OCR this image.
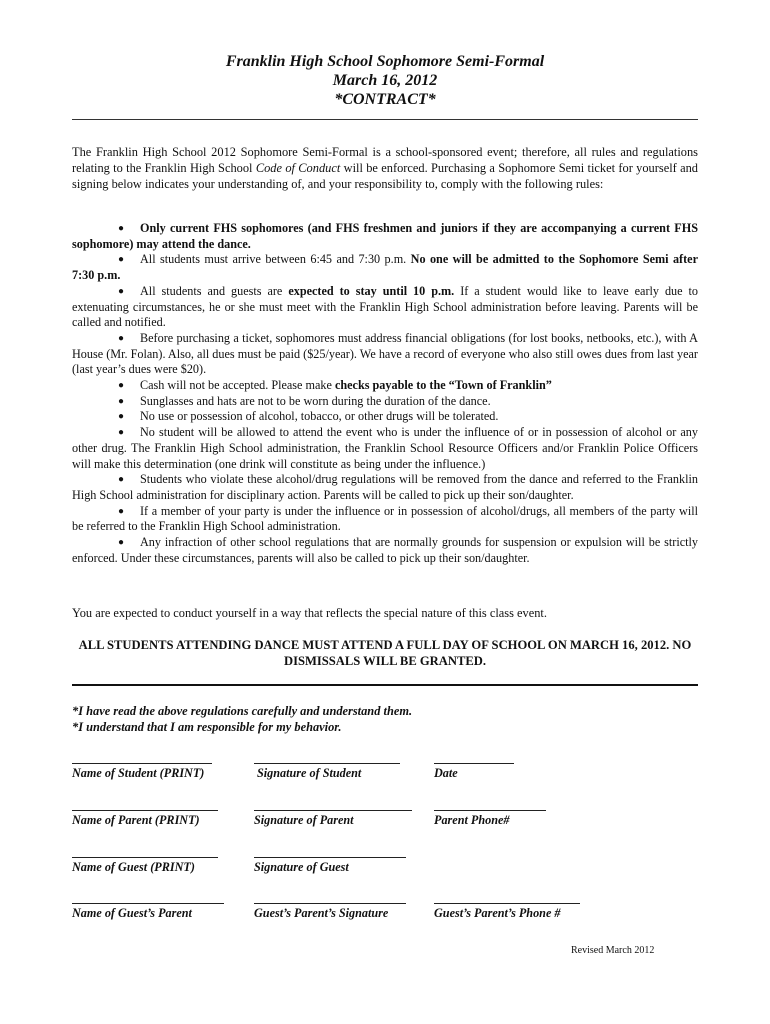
Franklin High School Sophomore Semi-Formal
March 16, 2012
*CONTRACT*

The Franklin High School 2012 Sophomore Semi-Formal is a school-sponsored event; therefore, all rules and regulations relating to the Franklin High School Code of Conduct will be enforced. Purchasing a Sophomore Semi ticket for yourself and signing below indicates your understanding of, and your responsibility to, comply with the following rules:

● Only current FHS sophomores (and FHS freshmen and juniors if they are accompanying a current FHS sophomore) may attend the dance.

● All students must arrive between 6:45 and 7:30 p.m. No one will be admitted to the Sophomore Semi after 7:30 p.m.

● All students and guests are expected to stay until 10 p.m. If a student would like to leave early due to extenuating circumstances, he or she must meet with the Franklin High School administration before leaving. Parents will be called and notified.

● Before purchasing a ticket, sophomores must address financial obligations (for lost books, netbooks, etc.), with A House (Mr. Folan). Also, all dues must be paid ($25/year). We have a record of everyone who also still owes dues from last year (last year’s dues were $20).

● Cash will not be accepted. Please make checks payable to the “Town of Franklin”

● Sunglasses and hats are not to be worn during the duration of the dance.

● No use or possession of alcohol, tobacco, or other drugs will be tolerated.

● No student will be allowed to attend the event who is under the influence of or in possession of alcohol or any other drug. The Franklin High School administration, the Franklin School Resource Officers and/or Franklin Police Officers will make this determination (one drink will constitute as being under the influence.)

● Students who violate these alcohol/drug regulations will be removed from the dance and referred to the Franklin High School administration for disciplinary action. Parents will be called to pick up their son/daughter.

● If a member of your party is under the influence or in possession of alcohol/drugs, all members of the party will be referred to the Franklin High School administration.

● Any infraction of other school regulations that are normally grounds for suspension or expulsion will be strictly enforced. Under these circumstances, parents will also be called to pick up their son/daughter.

You are expected to conduct yourself in a way that reflects the special nature of this class event.

ALL STUDENTS ATTENDING DANCE MUST ATTEND A FULL DAY OF SCHOOL ON MARCH 16, 2012. NO DISMISSALS WILL BE GRANTED.

*I have read the above regulations carefully and understand them.
*I understand that I am responsible for my behavior.
Name of Student (PRINT)	Signature of Student	Date
Name of Parent (PRINT)	Signature of Parent	Parent Phone#
Name of Guest (PRINT)	Signature of Guest
Name of Guest’s Parent	Guest’s Parent’s Signature	Guest’s Parent’s Phone #
Revised March 2012
